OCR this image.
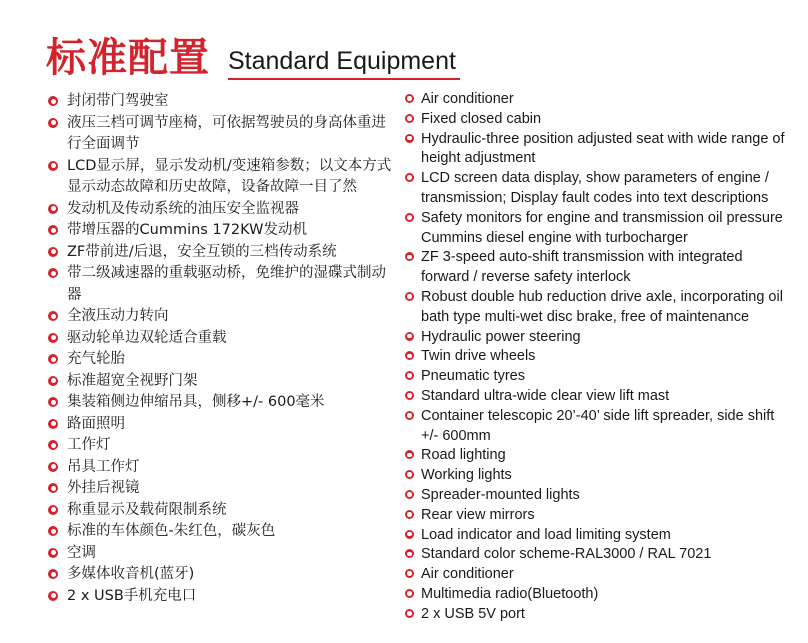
标准配置 Standard Equipment
封闭带门驾驶室
液压三档可调节座椅，可依据驾驶员的身高体重进行全面调节
LCD显示屏，显示发动机/变速箱参数；以文本方式显示动态故障和历史故障，设备故障一目了然
发动机及传动系统的油压安全监视器
带增压器的Cummins 172KW发动机
ZF带前进/后退，安全互锁的三档传动系统
带二级减速器的重载驱动桥，免维护的湿碟式制动器
全液压动力转向
驱动轮单边双轮适合重载
充气轮胎
标准超宽全视野门架
集装箱侧边伸缩吊具，侧移+/- 600毫米
路面照明
工作灯
吊具工作灯
外挂后视镜
称重显示及载荷限制系统
标准的车体颜色-朱红色，碳灰色
空调
多媒体收音机(蓝牙)
2 x USB手机充电口
Air conditioner
Fixed closed cabin
Hydraulic-three position adjusted seat with wide range of height adjustment
LCD screen data display, show parameters of engine / transmission; Display fault codes into text descriptions
Safety monitors for engine and transmission oil pressure Cummins diesel engine with turbocharger
ZF 3-speed auto-shift transmission with integrated forward / reverse safety interlock
Robust double hub reduction drive axle, incorporating oil bath type multi-wet disc brake, free of maintenance
Hydraulic power steering
Twin drive wheels
Pneumatic tyres
Standard ultra-wide clear view lift mast
Container telescopic 20’-40’ side lift spreader, side shift +/- 600mm
Road lighting
Working lights
Spreader-mounted lights
Rear view mirrors
Load indicator and load limiting system
Standard color scheme-RAL3000 / RAL 7021
Air conditioner
Multimedia radio(Bluetooth)
2 x USB 5V port
